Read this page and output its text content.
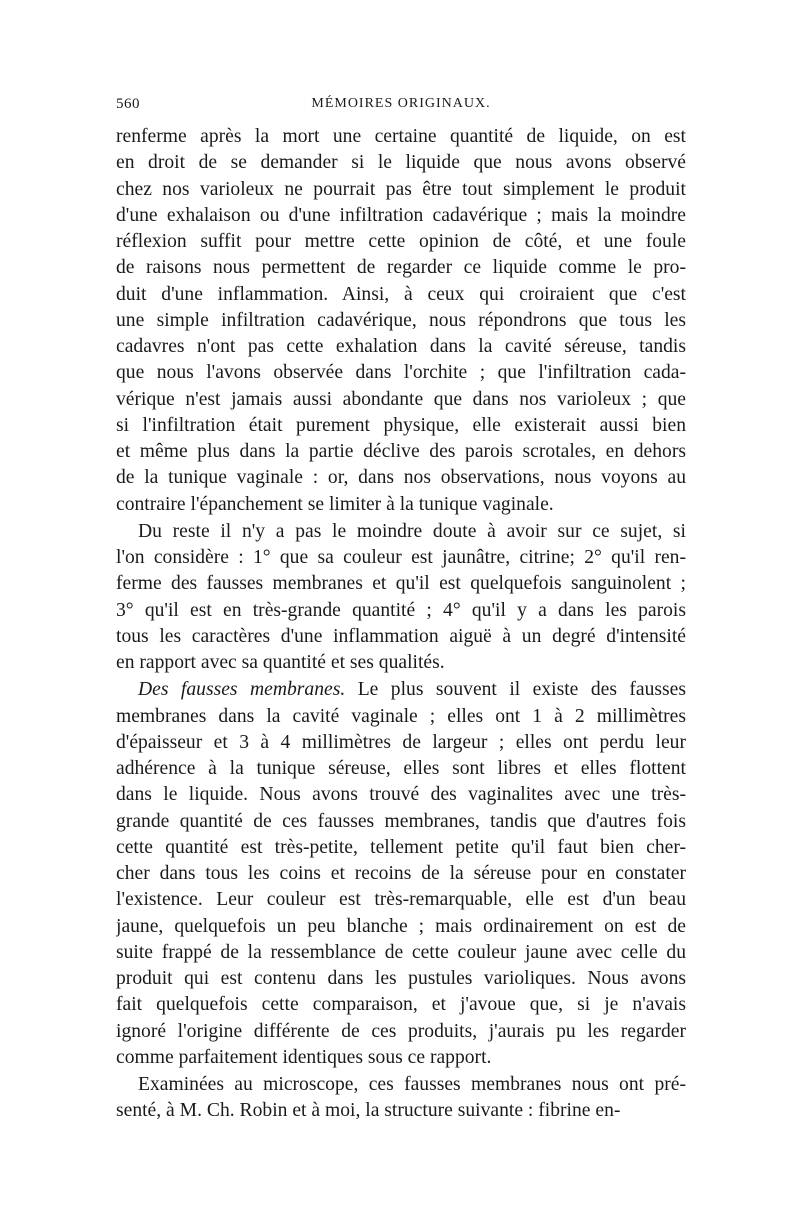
560	MÉMOIRES ORIGINAUX.
renferme après la mort une certaine quantité de liquide, on est
en droit de se demander si le liquide que nous avons observé
chez nos varioleux ne pourrait pas être tout simplement le produit
d'une exhalaison ou d'une infiltration cadavérique ; mais la moindre
réflexion suffit pour mettre cette opinion de côté, et une foule
de raisons nous permettent de regarder ce liquide comme le pro-
duit d'une inflammation. Ainsi, à ceux qui croiraient que c'est
une simple infiltration cadavérique, nous répondrons que tous les
cadavres n'ont pas cette exhalation dans la cavité séreuse, tandis
que nous l'avons observée dans l'orchite ; que l'infiltration cada-
vérique n'est jamais aussi abondante que dans nos varioleux ; que
si l'infiltration était purement physique, elle existerait aussi bien
et même plus dans la partie déclive des parois scrotales, en dehors
de la tunique vaginale : or, dans nos observations, nous voyons au
contraire l'épanchement se limiter à la tunique vaginale.
Du reste il n'y a pas le moindre doute à avoir sur ce sujet, si
l'on considère : 1° que sa couleur est jaunâtre, citrine; 2° qu'il ren-
ferme des fausses membranes et qu'il est quelquefois sanguinolent ;
3° qu'il est en très-grande quantité ; 4° qu'il y a dans les parois
tous les caractères d'une inflammation aiguë à un degré d'intensité
en rapport avec sa quantité et ses qualités.
Des fausses membranes. Le plus souvent il existe des fausses
membranes dans la cavité vaginale ; elles ont 1 à 2 millimètres
d'épaisseur et 3 à 4 millimètres de largeur ; elles ont perdu leur
adhérence à la tunique séreuse, elles sont libres et elles flottent
dans le liquide. Nous avons trouvé des vaginalites avec une très-
grande quantité de ces fausses membranes, tandis que d'autres fois
cette quantité est très-petite, tellement petite qu'il faut bien cher-
cher dans tous les coins et recoins de la séreuse pour en constater
l'existence. Leur couleur est très-remarquable, elle est d'un beau
jaune, quelquefois un peu blanche ; mais ordinairement on est de
suite frappé de la ressemblance de cette couleur jaune avec celle du
produit qui est contenu dans les pustules varioliques. Nous avons
fait quelquefois cette comparaison, et j'avoue que, si je n'avais
ignoré l'origine différente de ces produits, j'aurais pu les regarder
comme parfaitement identiques sous ce rapport.
Examinées au microscope, ces fausses membranes nous ont pré-
senté, à M. Ch. Robin et à moi, la structure suivante : fibrine en-
